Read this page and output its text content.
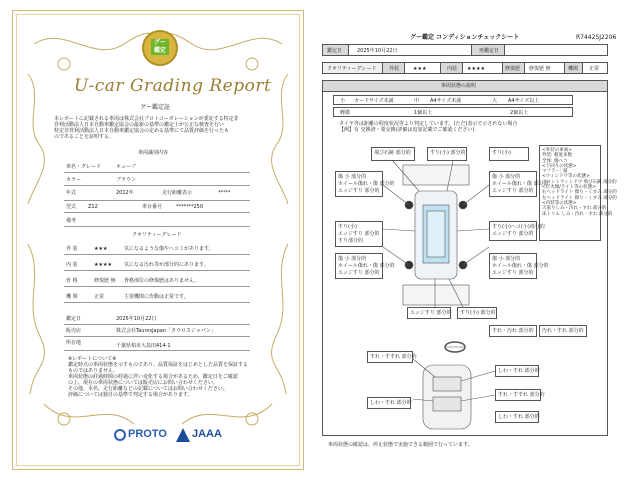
グー
鑑定
U-car Grading Report
グー鑑定証
本レポートに記載される車両は株式会社プロトコーポレーションが委託する特定非
営利活動法人日本自動車鑑定協会の最新の基準の鑑定士が公正な検査を行い
特定非営利活動法人日本自動車鑑定協会の定める基準にて品質評価を行ったも
のであることを証明する。
車両識別内容
車名・グレード	キューブ
カラー	ブラウン
年式	2012年	走行距離表示	*****
型式 Z12	車台番号	*******250
備考
クオリティーグレード
外 装	★★★	気になるような傷やヘコミがあります。
内 装	★★★★ 気になる汚れ等が部分的にあります。
骨 格	修復歴 無 骨格部位の修復歴はありません。
機 関	正常	主要機関に作動は正常です。
鑑定日	2025年10月22日
販売店	株式会社TaurosJapan「タウロスジャパン」
所在地	千葉県柏市大島田414-1
※レポートについて※
鑑定時点の車両状態を示すものであり、品質保証をはじめとした品質を保証する
ものではありません。
車両状態の経過時間の経過に伴い変化する場合があるため、鑑定日をご確認
の上、現在の車両状態については販売店にお問い合わせください。
その他、本名、走行距離などの記載についてはお問い合わせください。
評価については独自の基準で判定する場合があります。
PROTO JAAA
R74425J2206
グー鑑定 コンディションチェックシート
鑑定日	2025年10月22日	再鑑定日
クオリティーグレード 外装	★★★	内装 ★★★★	修復歴 修復歴 無	機関 正常
車両状態の説明
小 カードサイズ未満	中 A4サイズ未満	大 A4サイズ以上
軽微	1個以上	2個以上
タイヤ等は距離の程度状況等より判定しています。(ただ)表示で示されない場合
【例】有 交換済・要交換(詳細は追加記載でご確認ください)
<外装の車両>
外装: 軽度多数
全体: 傷ヘコ
<下回りの状態>
マフラー: 錆
<ウィンドウ等の状態>
フロントウィンドウ 飛び石跡 部分的
<灯火類/ライト等の状態>
右ヘッドライト 擦り・くすみ 部分的
左ヘッドライト 擦り・くすみ 部分的
<内装等の状態>
天張りしみ・汚れ・すれ 部分的
床トリム しみ・汚れ・すれ 部分的
飛び石跡 部分的	すり(小) 部分的	すり(小)
傷 小 部分的
ホイール傷れ・傷 部分的
エッジすり 部分的
傷 小 部分的
ホイール傷れ・傷 部分的
エッジすり 部分的
すり(小)
エッジすり 部分的
すり部分的
すり(小)ヘコ(小)部分的
エッジすり 部分的
傷 小 部分的
ホイール傷れ・傷 部分的
エッジすり 部分的
傷 小 部分的
ホイール傷れ・傷 部分的
エッジすり 部分的
エッジすり 部分的 すり(小) 部分的
すれ・汚れ 部分的 汚れ・すれ 部分的
すれ・すすれ 部分的
しわ・すれ 部分的
すれ・すすれ 部分的
しわ・すれ 部分的
しわ・すれ 部分的
車両状態の確認は、停止状態で実施できる範囲で行っています。
